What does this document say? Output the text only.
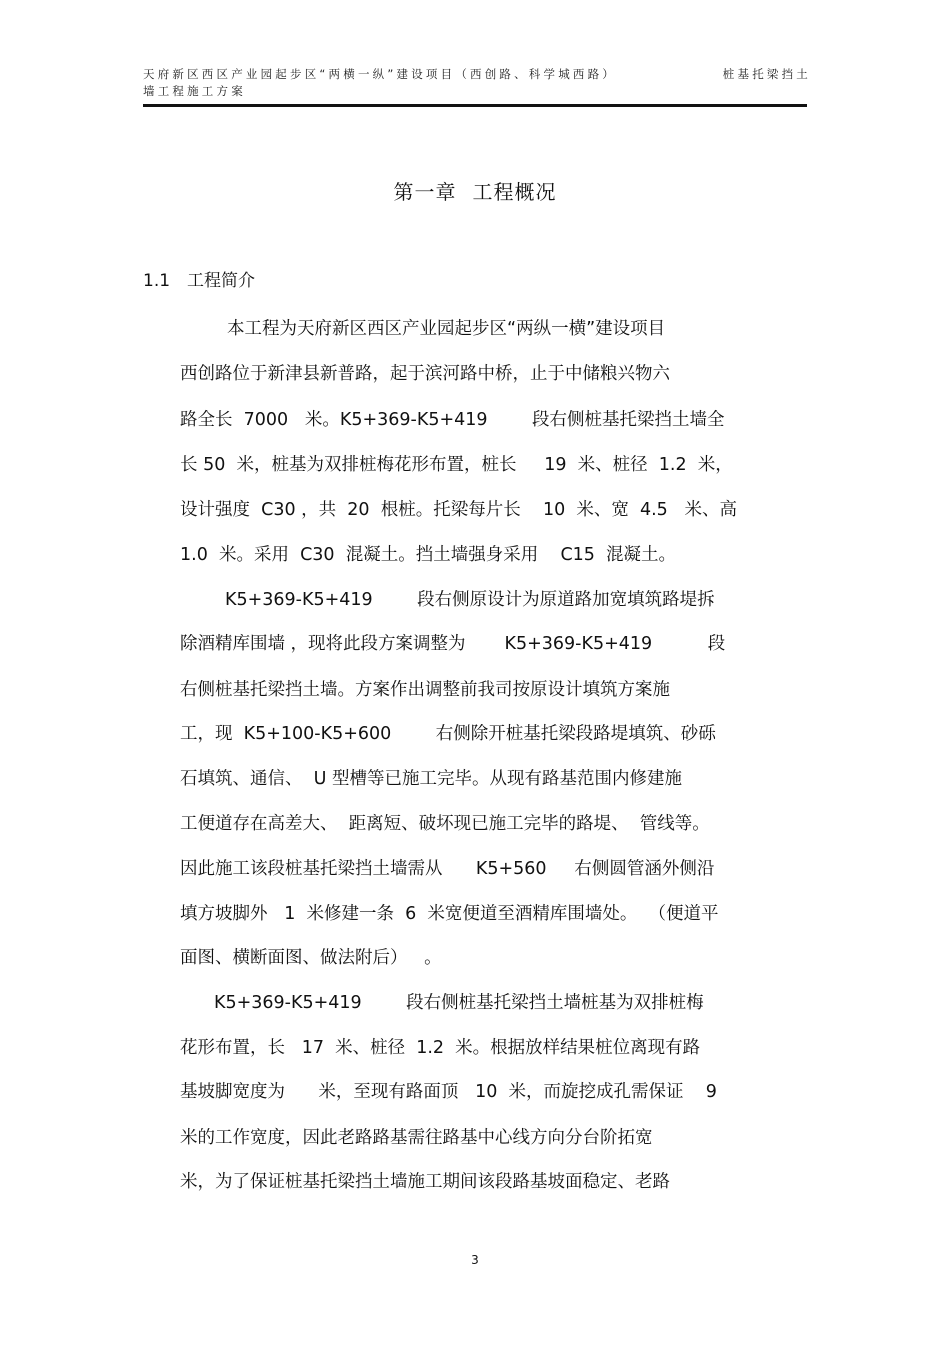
天府新区西区产业园起步区“两横一纵”建设项目（西创路、科学城西路）	桩基托梁挡土
墙工程施工方案
第一章 工程概况
1.1 工程简介
本工程为天府新区西区产业园起步区“两纵一横”建设项目
西创路位于新津县新普路，起于滨河路中桥，止于中储粮兴物六
路全长  7000   米。K5+369-K5+419        段右侧桩基托梁挡土墙全
长 50  米，桩基为双排桩梅花形布置，桩长     19  米、桩径  1.2  米，
设计强度  C30 ，共  20  根桩。托梁每片长    10  米、宽  4.5   米、高
1.0  米。采用  C30  混凝土。挡土墙强身采用    C15  混凝土。
K5+369-K5+419        段右侧原设计为原道路加宽填筑路堤拆
除酒精库围墙 ，现将此段方案调整为       K5+369-K5+419          段
右侧桩基托梁挡土墙。方案作出调整前我司按原设计填筑方案施
工，现  K5+100-K5+600        右侧除开桩基托梁段路堤填筑、砂砾
石填筑、通信、  U 型槽等已施工完毕。从现有路基范围内修建施
工便道存在高差大、  距离短、破坏现已施工完毕的路堤、  管线等。
因此施工该段桩基托梁挡土墙需从      K5+560     右侧圆管涵外侧沿
填方坡脚外   1  米修建一条  6  米宽便道至酒精库围墙处。  （便道平
面图、横断面图、做法附后）   。
K5+369-K5+419        段右侧桩基托梁挡土墙桩基为双排桩梅
花形布置，长   17  米、桩径  1.2  米。根据放样结果桩位离现有路
基坡脚宽度为      米，至现有路面顶   10  米，而旋挖成孔需保证    9
米的工作宽度，因此老路路基需往路基中心线方向分台阶拓宽
米，为了保证桩基托梁挡土墙施工期间该段路基坡面稳定、老路
3
